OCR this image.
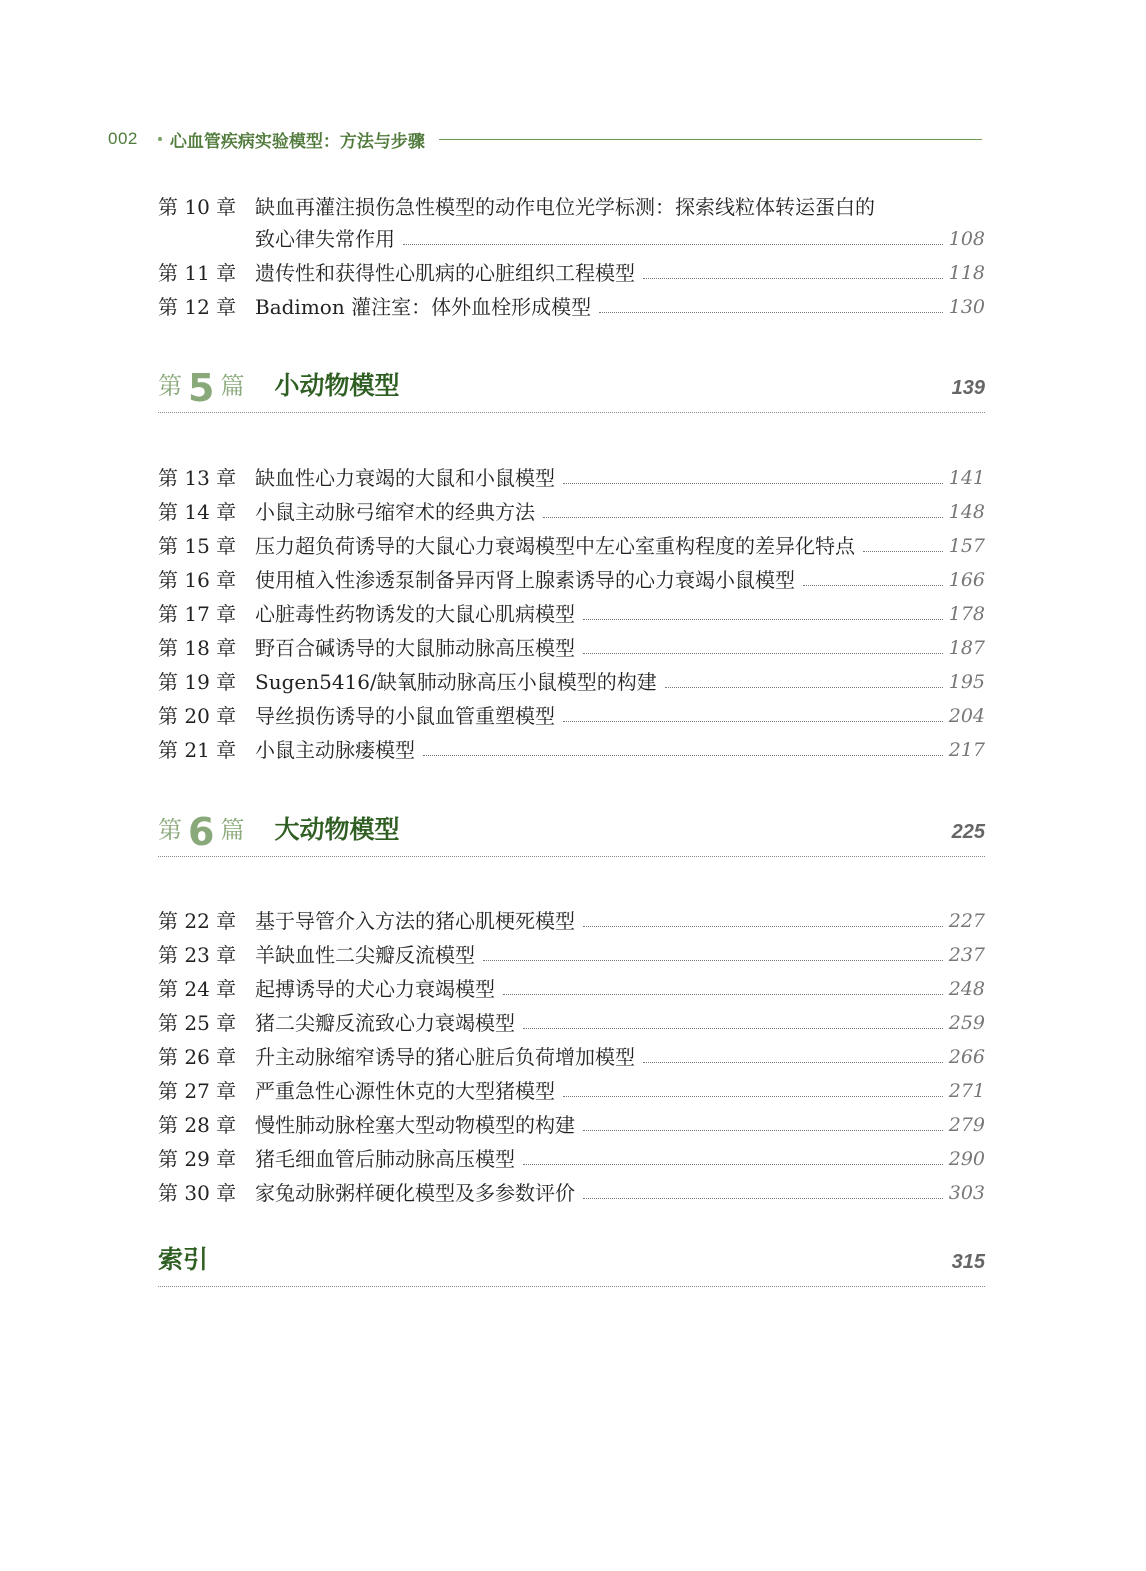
002 心血管疾病实验模型：方法与步骤
第 10 章 缺血再灌注损伤急性模型的动作电位光学标测：探索线粒体转运蛋白的
致心律失常作用	108
第 11 章 遗传性和获得性心肌病的心脏组织工程模型	118
第 12 章 Badimon 灌注室：体外血栓形成模型	130
第 5 篇 小动物模型	139
第 13 章 缺血性心力衰竭的大鼠和小鼠模型	141
第 14 章 小鼠主动脉弓缩窄术的经典方法	148
第 15 章 压力超负荷诱导的大鼠心力衰竭模型中左心室重构程度的差异化特点	157
第 16 章 使用植入性渗透泵制备异丙肾上腺素诱导的心力衰竭小鼠模型	166
第 17 章 心脏毒性药物诱发的大鼠心肌病模型	178
第 18 章 野百合碱诱导的大鼠肺动脉高压模型	187
第 19 章 Sugen5416/缺氧肺动脉高压小鼠模型的构建	195
第 20 章 导丝损伤诱导的小鼠血管重塑模型	204
第 21 章 小鼠主动脉瘘模型	217
第 6 篇 大动物模型	225
第 22 章 基于导管介入方法的猪心肌梗死模型	227
第 23 章 羊缺血性二尖瓣反流模型	237
第 24 章 起搏诱导的犬心力衰竭模型	248
第 25 章 猪二尖瓣反流致心力衰竭模型	259
第 26 章 升主动脉缩窄诱导的猪心脏后负荷增加模型	266
第 27 章 严重急性心源性休克的大型猪模型	271
第 28 章 慢性肺动脉栓塞大型动物模型的构建	279
第 29 章 猪毛细血管后肺动脉高压模型	290
第 30 章 家兔动脉粥样硬化模型及多参数评价	303
索引	315
